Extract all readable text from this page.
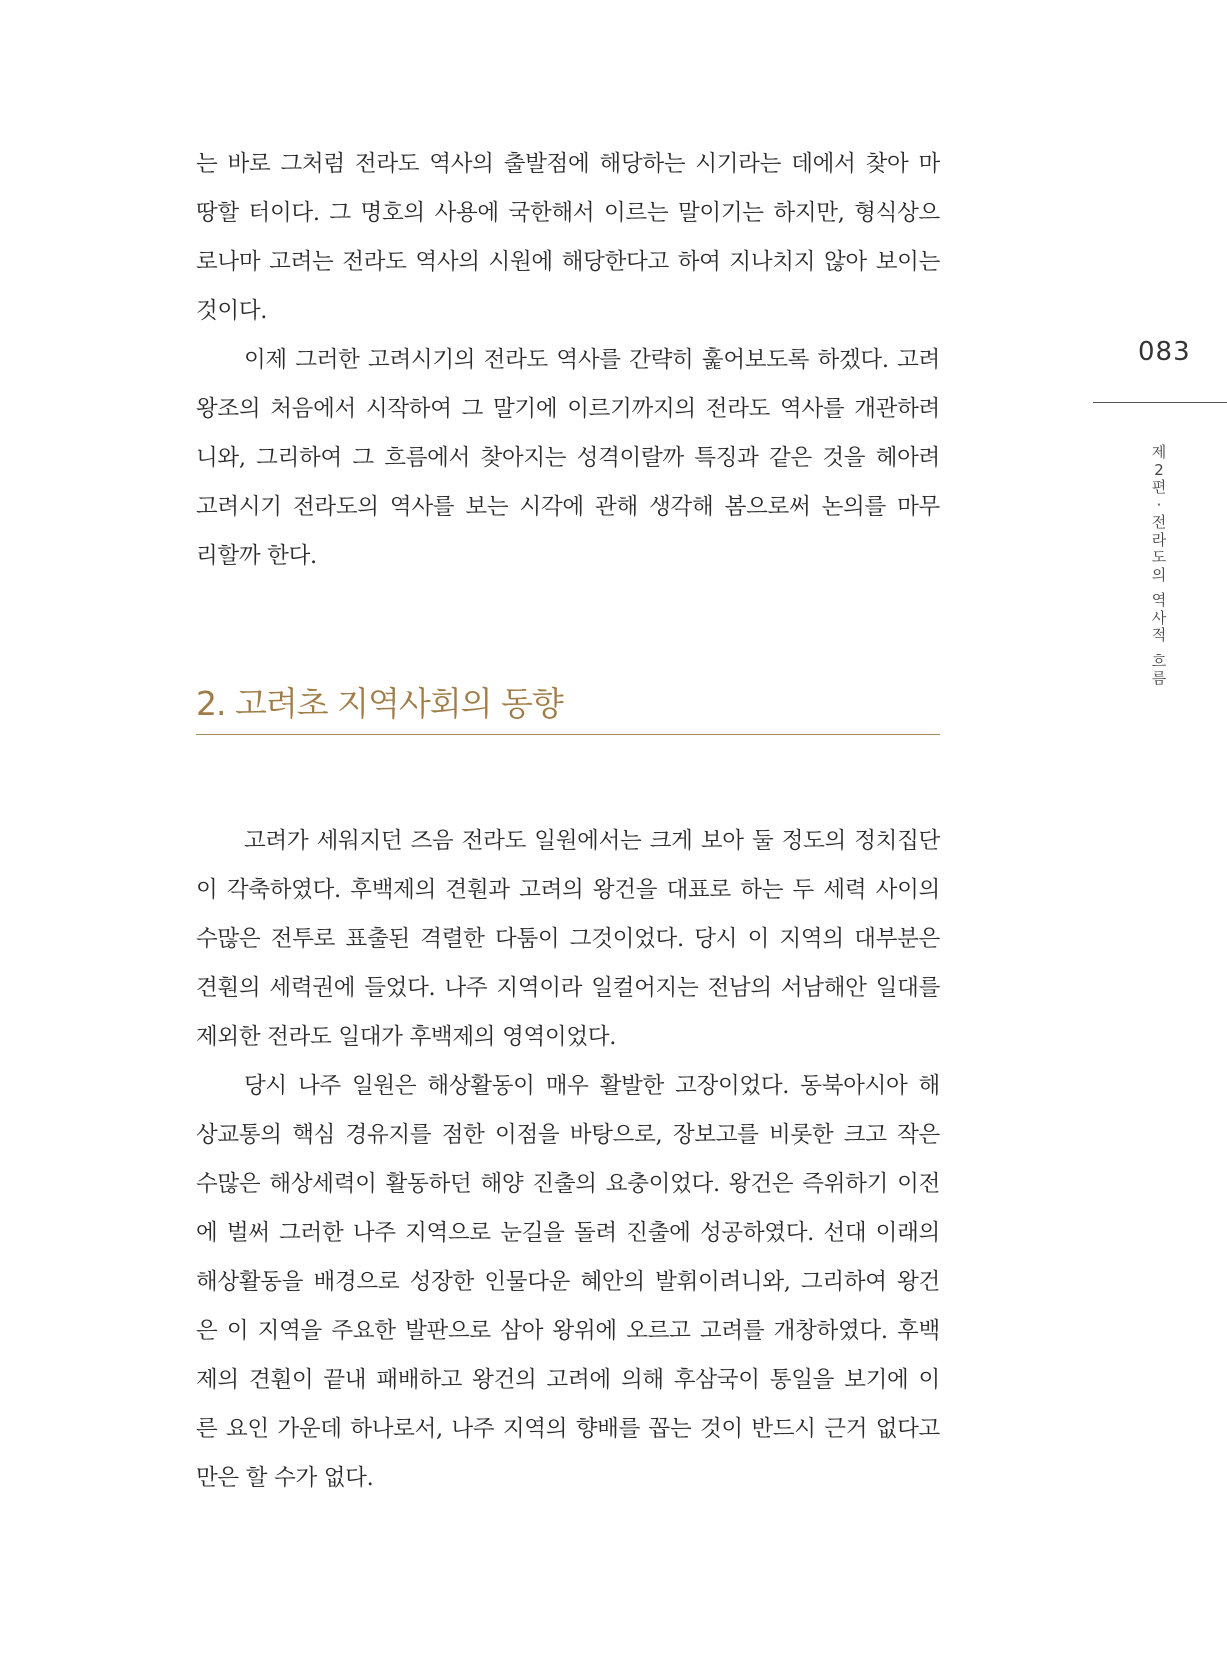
는 바로 그처럼 전라도 역사의 출발점에 해당하는 시기라는 데에서 찾아 마
땅할 터이다. 그 명호의 사용에 국한해서 이르는 말이기는 하지만, 형식상으
로나마 고려는 전라도 역사의 시원에 해당한다고 하여 지나치지 않아 보이는
것이다.
이제 그러한 고려시기의 전라도 역사를 간략히 훑어보도록 하겠다. 고려
왕조의 처음에서 시작하여 그 말기에 이르기까지의 전라도 역사를 개관하려
니와, 그리하여 그 흐름에서 찾아지는 성격이랄까 특징과 같은 것을 헤아려
고려시기 전라도의 역사를 보는 시각에 관해 생각해 봄으로써 논의를 마무
리할까 한다.
2. 고려초 지역사회의 동향
고려가 세워지던 즈음 전라도 일원에서는 크게 보아 둘 정도의 정치집단
이 각축하였다. 후백제의 견훤과 고려의 왕건을 대표로 하는 두 세력 사이의
수많은 전투로 표출된 격렬한 다툼이 그것이었다. 당시 이 지역의 대부분은
견훤의 세력권에 들었다. 나주 지역이라 일컬어지는 전남의 서남해안 일대를
제외한 전라도 일대가 후백제의 영역이었다.
당시 나주 일원은 해상활동이 매우 활발한 고장이었다. 동북아시아 해
상교통의 핵심 경유지를 점한 이점을 바탕으로, 장보고를 비롯한 크고 작은
수많은 해상세력이 활동하던 해양 진출의 요충이었다. 왕건은 즉위하기 이전
에 벌써 그러한 나주 지역으로 눈길을 돌려 진출에 성공하였다. 선대 이래의
해상활동을 배경으로 성장한 인물다운 혜안의 발휘이려니와, 그리하여 왕건
은 이 지역을 주요한 발판으로 삼아 왕위에 오르고 고려를 개창하였다. 후백
제의 견훤이 끝내 패배하고 왕건의 고려에 의해 후삼국이 통일을 보기에 이
른 요인 가운데 하나로서, 나주 지역의 향배를 꼽는 것이 반드시 근거 없다고
만은 할 수가 없다.
083
제
2
편
·
전
라
도
의
역
사
적
흐
름
